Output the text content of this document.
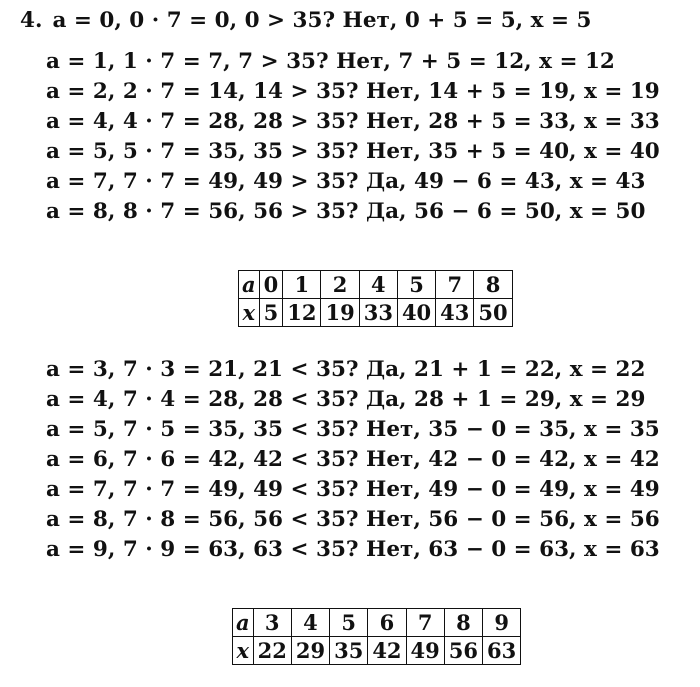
4. a = 0, 0 · 7 = 0, 0 > 35? Нет, 0 + 5 = 5, x = 5
a = 1, 1 · 7 = 7, 7 > 35? Нет, 7 + 5 = 12, x = 12
a = 2, 2 · 7 = 14, 14 > 35? Нет, 14 + 5 = 19, x = 19
a = 4, 4 · 7 = 28, 28 > 35? Нет, 28 + 5 = 33, x = 33
a = 5, 5 · 7 = 35, 35 > 35? Нет, 35 + 5 = 40, x = 40
a = 7, 7 · 7 = 49, 49 > 35? Да, 49 − 6 = 43, x = 43
a = 8, 8 · 7 = 56, 56 > 35? Да, 56 − 6 = 50, x = 50
a	0	1	2	4	5	7	8
x	5	12	19	33	40	43	50
a = 3, 7 · 3 = 21, 21 < 35? Да, 21 + 1 = 22, x = 22
a = 4, 7 · 4 = 28, 28 < 35? Да, 28 + 1 = 29, x = 29
a = 5, 7 · 5 = 35, 35 < 35? Нет, 35 − 0 = 35, x = 35
a = 6, 7 · 6 = 42, 42 < 35? Нет, 42 − 0 = 42, x = 42
a = 7, 7 · 7 = 49, 49 < 35? Нет, 49 − 0 = 49, x = 49
a = 8, 7 · 8 = 56, 56 < 35? Нет, 56 − 0 = 56, x = 56
a = 9, 7 · 9 = 63, 63 < 35? Нет, 63 − 0 = 63, x = 63
a	3	4	5	6	7	8	9
x	22	29	35	42	49	56	63
